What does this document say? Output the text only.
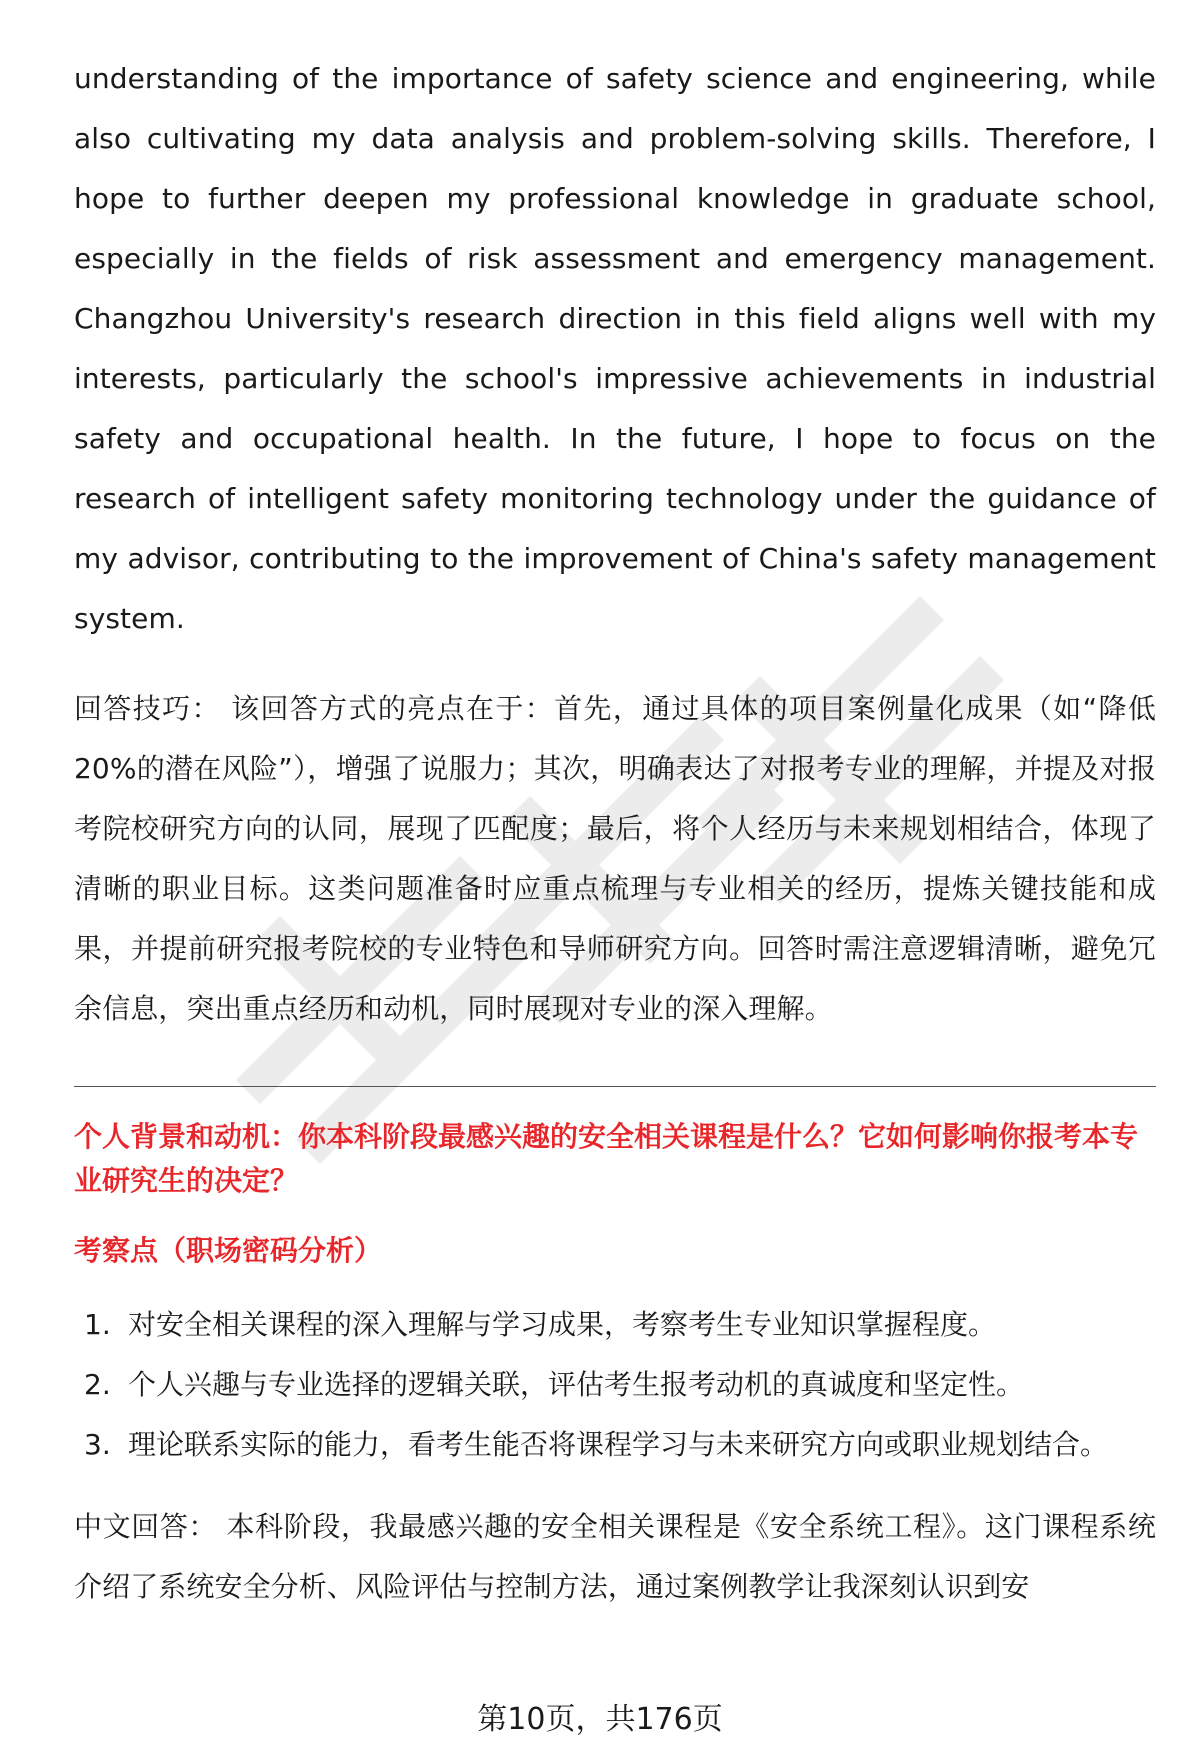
understanding of the importance of safety science and engineering, while also cultivating my data analysis and problem-solving skills. Therefore, I hope to further deepen my professional knowledge in graduate school, especially in the fields of risk assessment and emergency management. Changzhou University's research direction in this field aligns well with my interests, particularly the school's impressive achievements in industrial safety and occupational health. In the future, I hope to focus on the research of intelligent safety monitoring technology under the guidance of my advisor, contributing to the improvement of China's safety management system.

回答技巧： 该回答方式的亮点在于：首先，通过具体的项目案例量化成果（如“降低20%的潜在风险”），增强了说服力；其次，明确表达了对报考专业的理解，并提及对报考院校研究方向的认同，展现了匹配度；最后，将个人经历与未来规划相结合，体现了清晰的职业目标。这类问题准备时应重点梳理与专业相关的经历，提炼关键技能和成果，并提前研究报考院校的专业特色和导师研究方向。回答时需注意逻辑清晰，避免冗余信息，突出重点经历和动机，同时展现对专业的深入理解。

个人背景和动机：你本科阶段最感兴趣的安全相关课程是什么？它如何影响你报考本专业研究生的决定？

考察点（职场密码分析）

1. 对安全相关课程的深入理解与学习成果，考察考生专业知识掌握程度。
2. 个人兴趣与专业选择的逻辑关联，评估考生报考动机的真诚度和坚定性。
3. 理论联系实际的能力，看考生能否将课程学习与未来研究方向或职业规划结合。

中文回答： 本科阶段，我最感兴趣的安全相关课程是《安全系统工程》。这门课程系统介绍了系统安全分析、风险评估与控制方法，通过案例教学让我深刻认识到安

第10页，共176页
